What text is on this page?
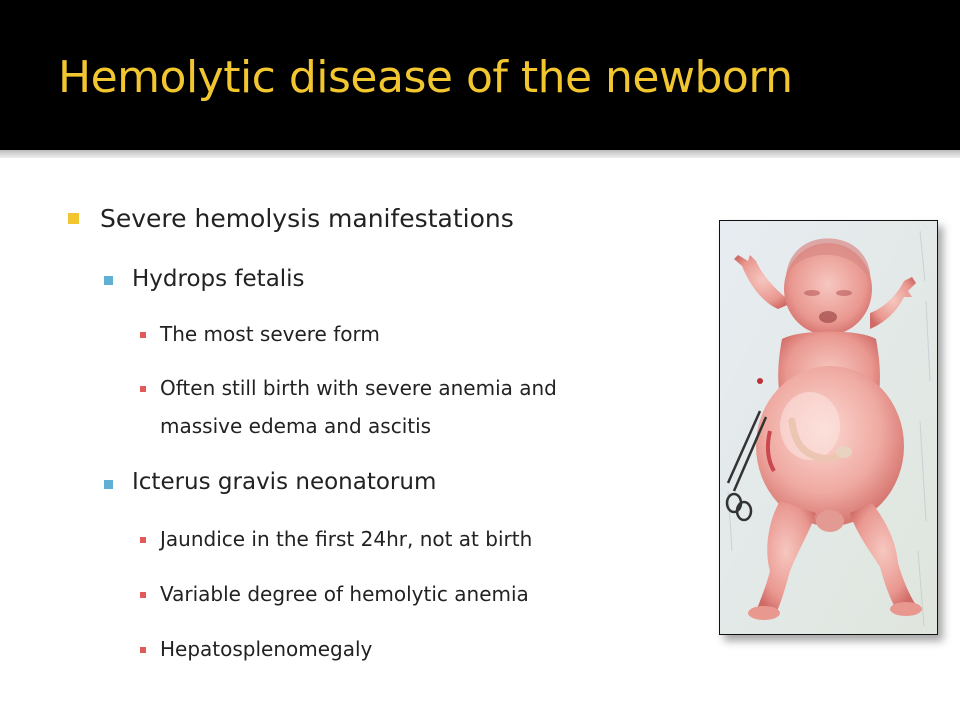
Hemolytic disease of the newborn
Severe hemolysis manifestations
Hydrops fetalis
The most severe form
Often still birth with severe anemia and
massive edema and ascitis
Icterus gravis neonatorum
Jaundice in the first 24hr, not at birth
Variable degree of hemolytic anemia
Hepatosplenomegaly
